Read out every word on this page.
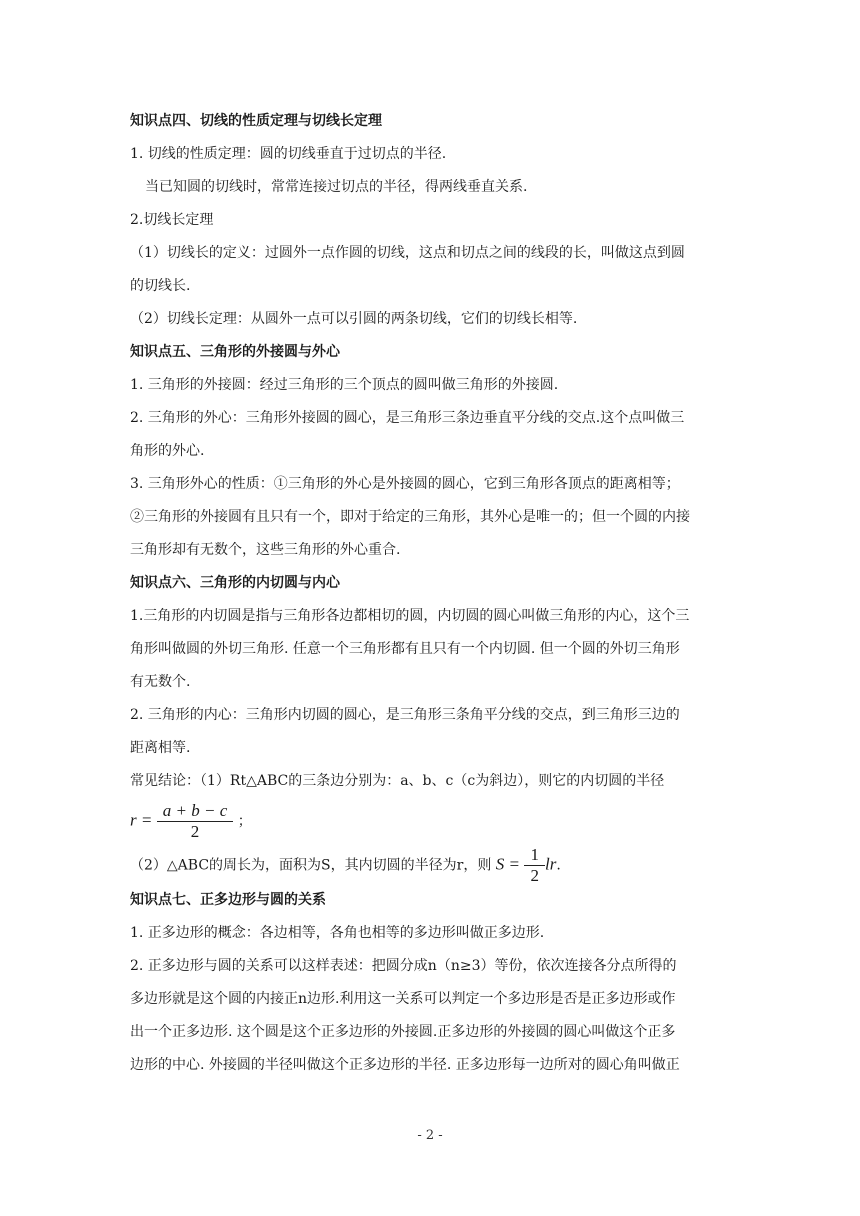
知识点四、切线的性质定理与切线长定理
1. 切线的性质定理：圆的切线垂直于过切点的半径.
当已知圆的切线时，常常连接过切点的半径，得两线垂直关系.
2.切线长定理
（1）切线长的定义：过圆外一点作圆的切线，这点和切点之间的线段的长，叫做这点到圆
的切线长.
（2）切线长定理：从圆外一点可以引圆的两条切线，它们的切线长相等.
知识点五、三角形的外接圆与外心
1. 三角形的外接圆：经过三角形的三个顶点的圆叫做三角形的外接圆.
2. 三角形的外心：三角形外接圆的圆心，是三角形三条边垂直平分线的交点.这个点叫做三
角形的外心.
3. 三角形外心的性质：①三角形的外心是外接圆的圆心，它到三角形各顶点的距离相等；
②三角形的外接圆有且只有一个，即对于给定的三角形，其外心是唯一的；但一个圆的内接
三角形却有无数个，这些三角形的外心重合.
知识点六、三角形的内切圆与内心
1.三角形的内切圆是指与三角形各边都相切的圆，内切圆的圆心叫做三角形的内心，这个三
角形叫做圆的外切三角形. 任意一个三角形都有且只有一个内切圆. 但一个圆的外切三角形
有无数个.
2. 三角形的内心：三角形内切圆的圆心，是三角形三条角平分线的交点，到三角形三边的
距离相等.
常见结论：（1）Rt△ABC的三条边分别为：a、b、c（c为斜边），则它的内切圆的半径
$r = \frac{a + b - c}{2}$ ；
（2）△ABC的周长为，面积为S，其内切圆的半径为r，则 $S = \frac{1}{2}$ lr.
知识点七、正多边形与圆的关系
1. 正多边形的概念：各边相等，各角也相等的多边形叫做正多边形.
2. 正多边形与圆的关系可以这样表述：把圆分成n（n≥3）等份，依次连接各分点所得的
多边形就是这个圆的内接正n边形.利用这一关系可以判定一个多边形是否是正多边形或作
出一个正多边形. 这个圆是这个正多边形的外接圆.正多边形的外接圆的圆心叫做这个正多
边形的中心. 外接圆的半径叫做这个正多边形的半径. 正多边形每一边所对的圆心角叫做正
- 2 -
